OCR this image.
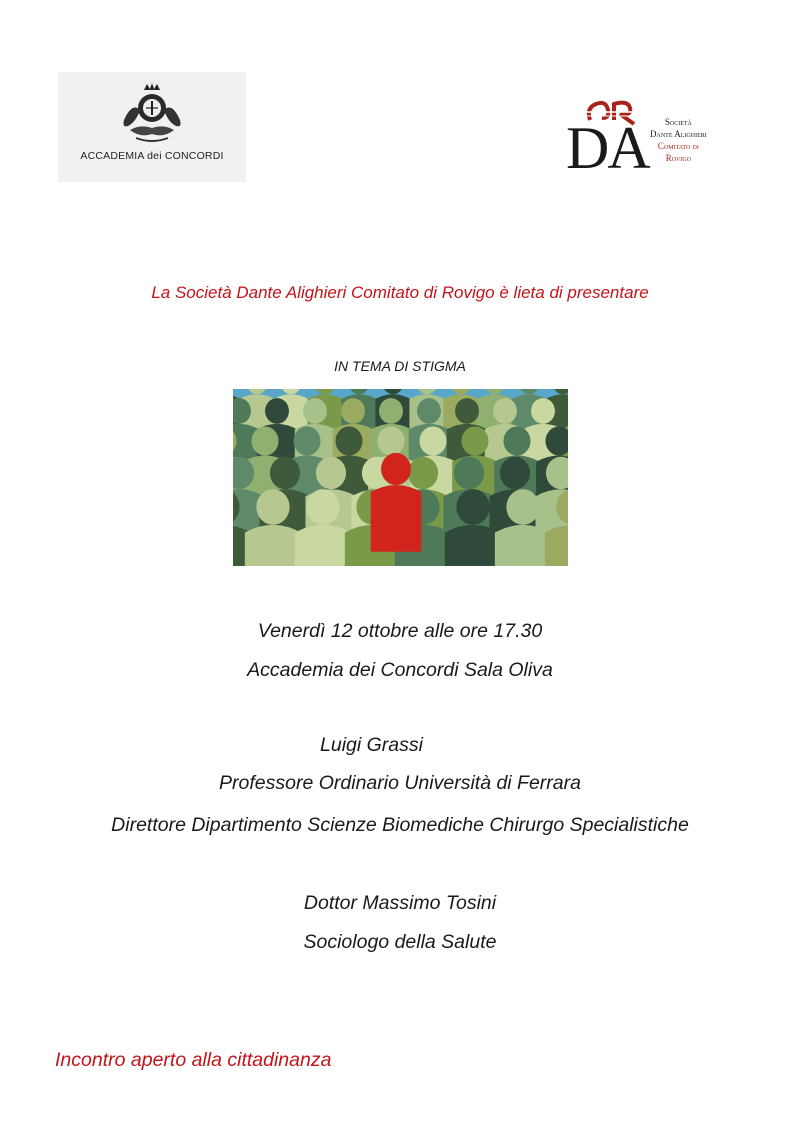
ACCADEMIA dei CONCORDI	DA	Società
Dante Alighieri
Comitato di
Rovigo
La Società Dante Alighieri Comitato di Rovigo è lieta di presentare
IN TEMA DI STIGMA
Venerdì 12 ottobre alle ore 17.30
Accademia dei Concordi Sala Oliva
Luigi Grassi
Professore Ordinario Università di Ferrara
Direttore Dipartimento Scienze Biomediche Chirurgo Specialistiche
Dottor Massimo Tosini
Sociologo della Salute
Incontro aperto alla cittadinanza
